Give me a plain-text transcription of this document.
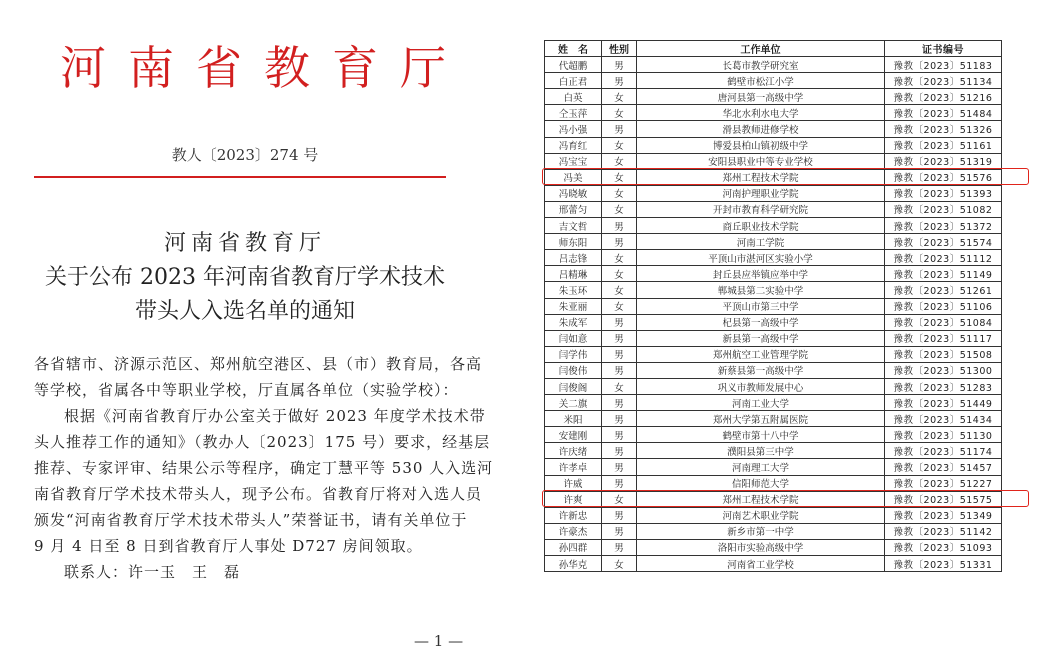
河南省教育厅
教人〔2023〕274 号
河南省教育厅
关于公布 2023 年河南省教育厅学术技术
带头人入选名单的通知
各省辖市、济源示范区、郑州航空港区、县（市）教育局，各高
等学校，省属各中等职业学校，厅直属各单位（实验学校）：
根据《河南省教育厅办公室关于做好 2023 年度学术技术带
头人推荐工作的通知》（教办人〔2023〕175 号）要求，经基层
推荐、专家评审、结果公示等程序，确定丁慧平等 530 人入选河
南省教育厅学术技术带头人，现予公布。省教育厅将对入选人员
颁发“河南省教育厅学术技术带头人”荣誉证书，请有关单位于
9 月 4 日至 8 日到省教育厅人事处 D727 房间领取。
联系人：许一玉　王　磊
— 1 —
姓　名	性别	工作单位	证书编号
代超鹏	男	长葛市教学研究室	豫教〔2023〕51183
白正君	男	鹤壁市松江小学	豫教〔2023〕51134
白英	女	唐河县第一高级中学	豫教〔2023〕51216
仝玉萍	女	华北水利水电大学	豫教〔2023〕51484
冯小强	男	滑县教师进修学校	豫教〔2023〕51326
冯育红	女	博爱县柏山镇初级中学	豫教〔2023〕51161
冯宝宝	女	安阳县职业中等专业学校	豫教〔2023〕51319
冯美	女	郑州工程技术学院	豫教〔2023〕51576
冯晓敏	女	河南护理职业学院	豫教〔2023〕51393
邢蕾匀	女	开封市教育科学研究院	豫教〔2023〕51082
吉文哲	男	商丘职业技术学院	豫教〔2023〕51372
师东阳	男	河南工学院	豫教〔2023〕51574
吕志锋	女	平顶山市湛河区实验小学	豫教〔2023〕51112
吕精琳	女	封丘县应举镇应举中学	豫教〔2023〕51149
朱玉环	女	郸城县第二实验中学	豫教〔2023〕51261
朱亚丽	女	平顶山市第三中学	豫教〔2023〕51106
朱成军	男	杞县第一高级中学	豫教〔2023〕51084
闫如意	男	新县第一高级中学	豫教〔2023〕51117
闫学伟	男	郑州航空工业管理学院	豫教〔2023〕51508
闫俊伟	男	新蔡县第一高级中学	豫教〔2023〕51300
闫俊阁	女	巩义市教师发展中心	豫教〔2023〕51283
关二旗	男	河南工业大学	豫教〔2023〕51449
米阳	男	郑州大学第五附属医院	豫教〔2023〕51434
安建刚	男	鹤壁市第十八中学	豫教〔2023〕51130
许庆绪	男	濮阳县第三中学	豫教〔2023〕51174
许孝卓	男	河南理工大学	豫教〔2023〕51457
许威	男	信阳师范大学	豫教〔2023〕51227
许爽	女	郑州工程技术学院	豫教〔2023〕51575
许新忠	男	河南艺术职业学院	豫教〔2023〕51349
许豪杰	男	新乡市第一中学	豫教〔2023〕51142
孙四群	男	洛阳市实验高级中学	豫教〔2023〕51093
孙华克	女	河南省工业学校	豫教〔2023〕51331
